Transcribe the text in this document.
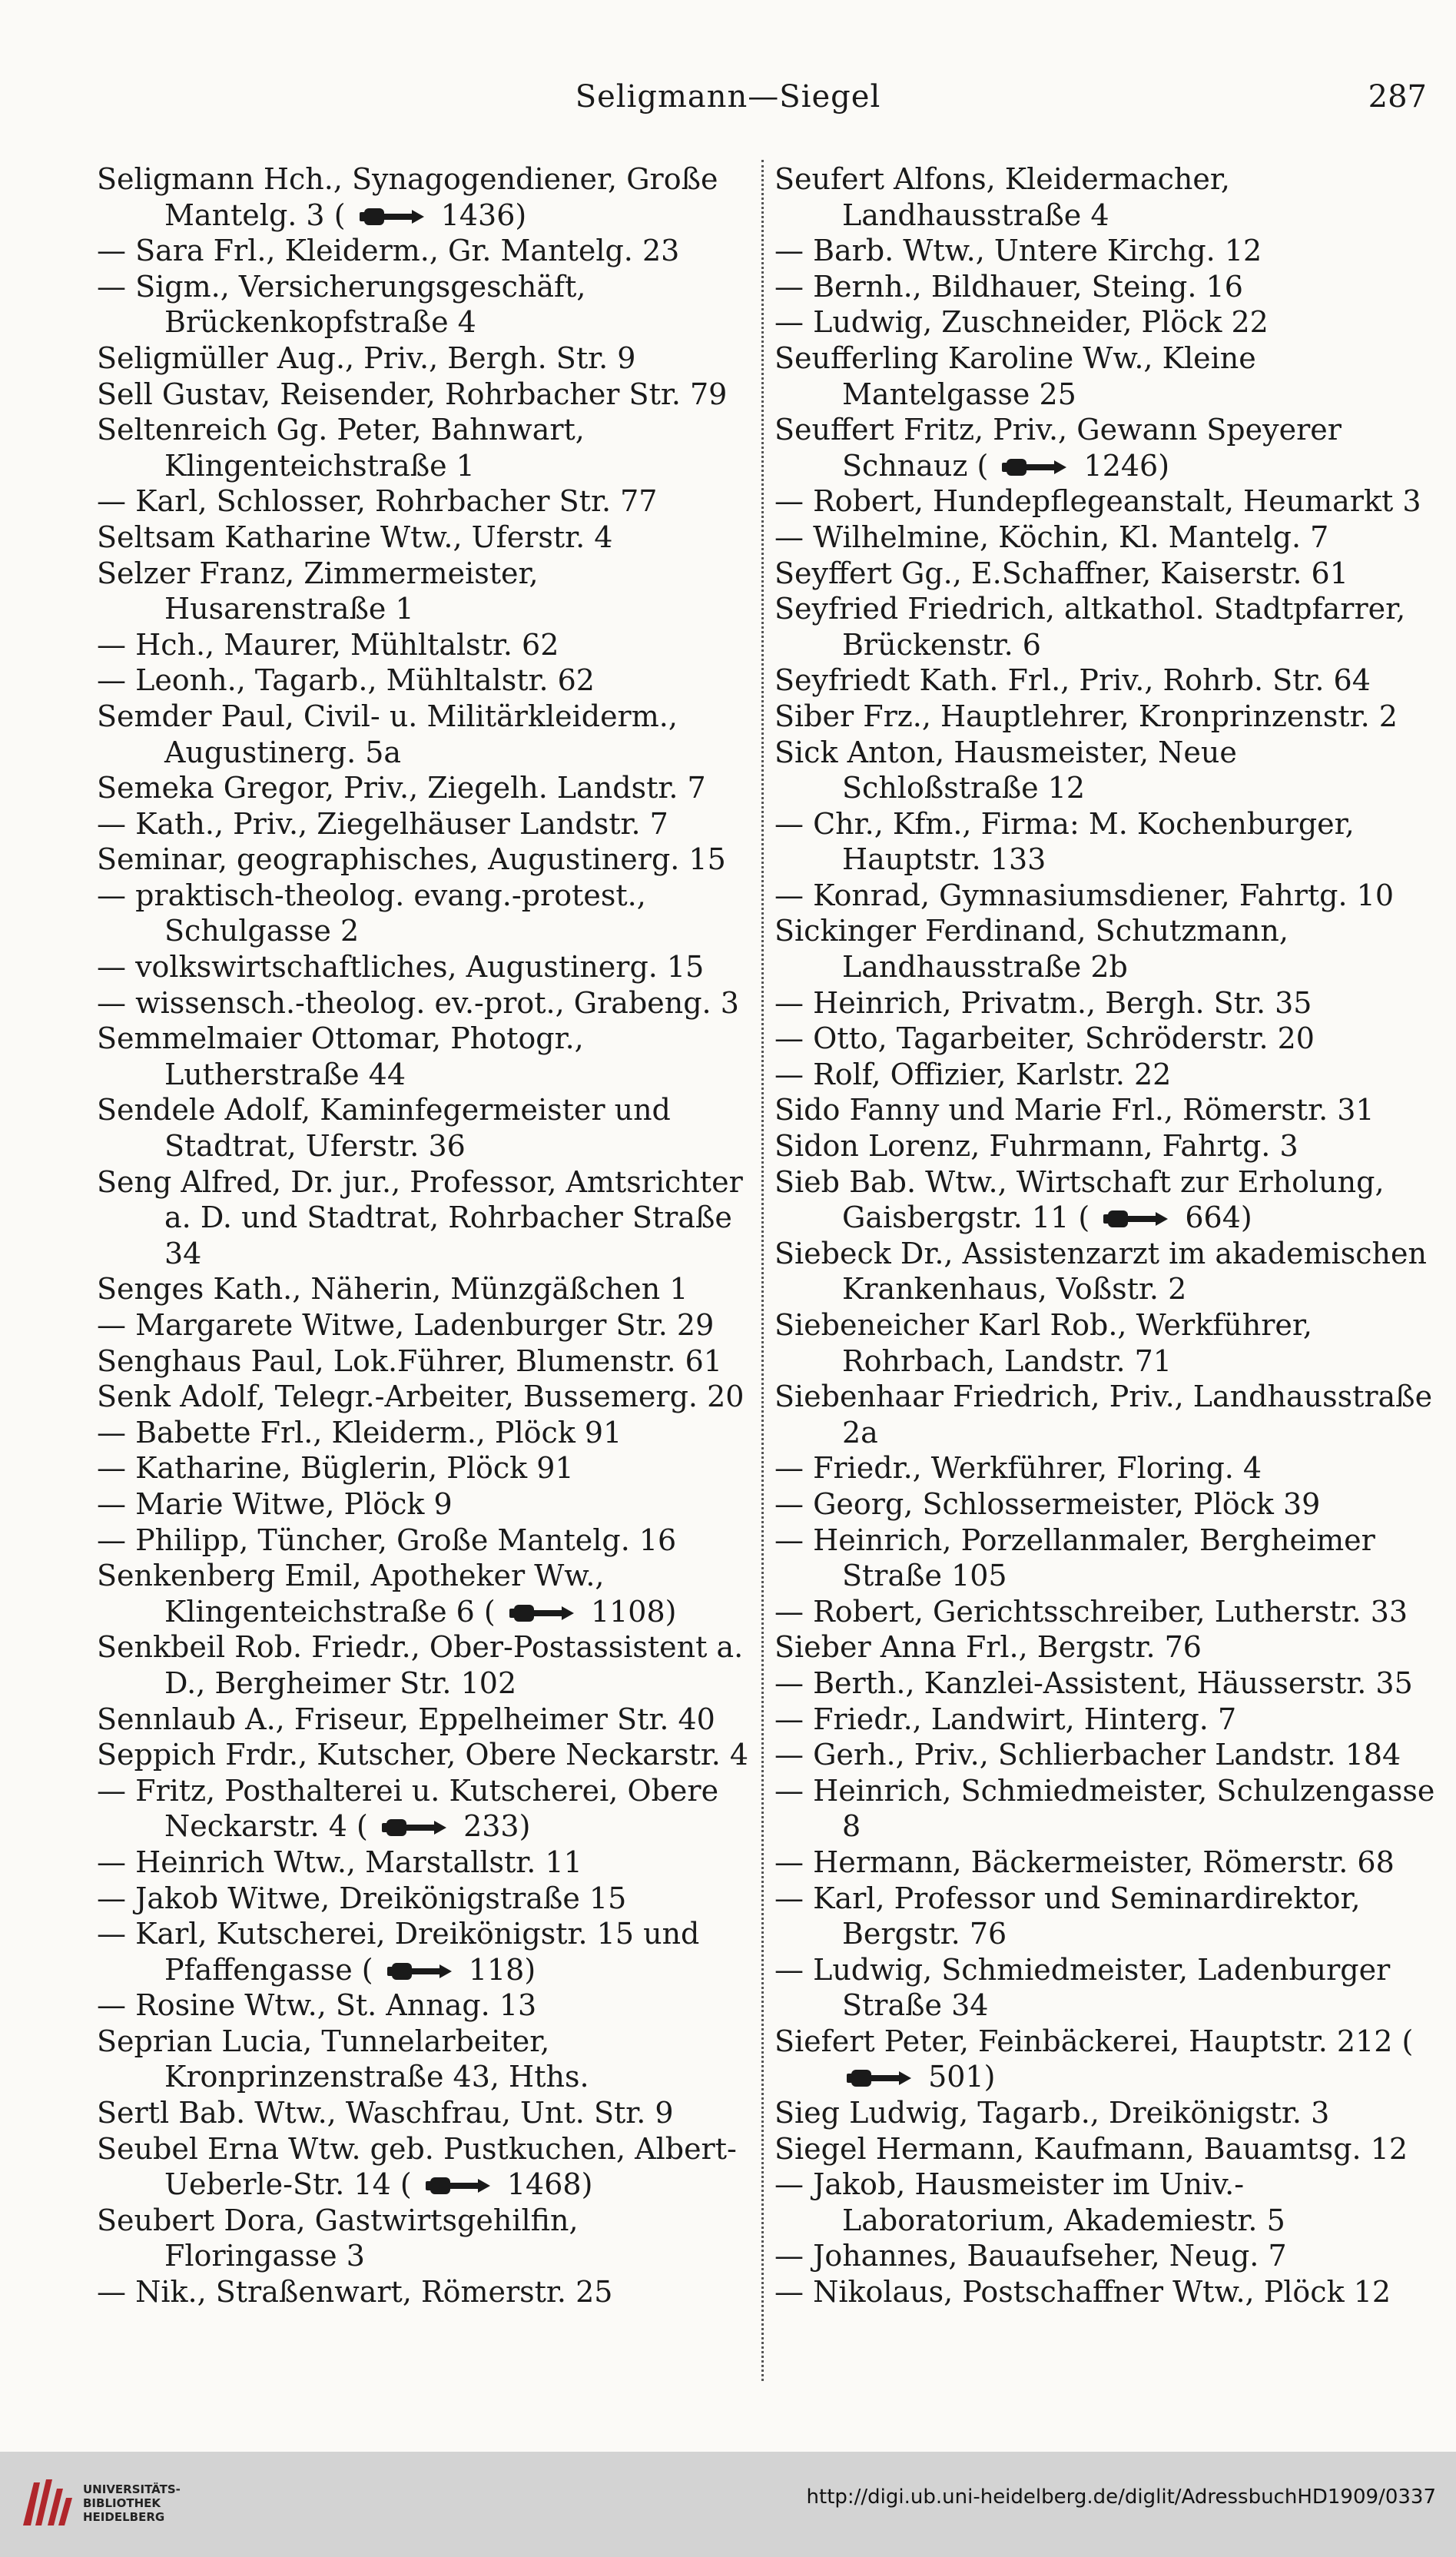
Seligmann—Siegel	287
Seligmann Hch., Synagogendiener, Große Mantelg. 3 (	1436)
— Sara Frl., Kleiderm., Gr. Mantelg. 23
— Sigm., Versicherungsgeschäft, Brückenkopfstraße 4
Seligmüller Aug., Priv., Bergh. Str. 9
Sell Gustav, Reisender, Rohrbacher Str. 79
Seltenreich Gg. Peter, Bahnwart, Klingenteichstraße 1
— Karl, Schlosser, Rohrbacher Str. 77
Seltsam Katharine Wtw., Uferstr. 4
Selzer Franz, Zimmermeister, Husarenstraße 1
— Hch., Maurer, Mühltalstr. 62
— Leonh., Tagarb., Mühltalstr. 62
Semder Paul, Civil- u. Militärkleiderm., Augustinerg. 5a
Semeka Gregor, Priv., Ziegelh. Landstr. 7
— Kath., Priv., Ziegelhäuser Landstr. 7
Seminar, geographisches, Augustinerg. 15
— praktisch-theolog. evang.-protest., Schulgasse 2
— volkswirtschaftliches, Augustinerg. 15
— wissensch.-theolog. ev.-prot., Grabeng. 3
Semmelmaier Ottomar, Photogr., Lutherstraße 44
Sendele Adolf, Kaminfegermeister und Stadtrat, Uferstr. 36
Seng Alfred, Dr. jur., Professor, Amtsrichter a. D. und Stadtrat, Rohrbacher Straße 34
Senges Kath., Näherin, Münzgäßchen 1
— Margarete Witwe, Ladenburger Str. 29
Senghaus Paul, Lok.Führer, Blumenstr. 61
Senk Adolf, Telegr.-Arbeiter, Bussemerg. 20
— Babette Frl., Kleiderm., Plöck 91
— Katharine, Büglerin, Plöck 91
— Marie Witwe, Plöck 9
— Philipp, Tüncher, Große Mantelg. 16
Senkenberg Emil, Apotheker Ww., Klingenteichstraße 6 (	1108)
Senkbeil Rob. Friedr., Ober-Postassistent a. D., Bergheimer Str. 102
Sennlaub A., Friseur, Eppelheimer Str. 40
Seppich Frdr., Kutscher, Obere Neckarstr. 4
— Fritz, Posthalterei u. Kutscherei, Obere Neckarstr. 4 (	233)
— Heinrich Wtw., Marstallstr. 11
— Jakob Witwe, Dreikönigstraße 15
— Karl, Kutscherei, Dreikönigstr. 15 und Pfaffengasse (	118)
— Rosine Wtw., St. Annag. 13
Seprian Lucia, Tunnelarbeiter, Kronprinzenstraße 43, Hths.
Sertl Bab. Wtw., Waschfrau, Unt. Str. 9
Seubel Erna Wtw. geb. Pustkuchen, Albert-Ueberle-Str. 14 (	1468)
Seubert Dora, Gastwirtsgehilfin, Floringasse 3
— Nik., Straßenwart, Römerstr. 25
Seufert Alfons, Kleidermacher, Landhausstraße 4
— Barb. Wtw., Untere Kirchg. 12
— Bernh., Bildhauer, Steing. 16
— Ludwig, Zuschneider, Plöck 22
Seufferling Karoline Ww., Kleine Mantelgasse 25
Seuffert Fritz, Priv., Gewann Speyerer Schnauz (	1246)
— Robert, Hundepflegeanstalt, Heumarkt 3
— Wilhelmine, Köchin, Kl. Mantelg. 7
Seyffert Gg., E.Schaffner, Kaiserstr. 61
Seyfried Friedrich, altkathol. Stadtpfarrer, Brückenstr. 6
Seyfriedt Kath. Frl., Priv., Rohrb. Str. 64
Siber Frz., Hauptlehrer, Kronprinzenstr. 2
Sick Anton, Hausmeister, Neue Schloßstraße 12
— Chr., Kfm., Firma: M. Kochenburger, Hauptstr. 133
— Konrad, Gymnasiumsdiener, Fahrtg. 10
Sickinger Ferdinand, Schutzmann, Landhausstraße 2b
— Heinrich, Privatm., Bergh. Str. 35
— Otto, Tagarbeiter, Schröderstr. 20
— Rolf, Offizier, Karlstr. 22
Sido Fanny und Marie Frl., Römerstr. 31
Sidon Lorenz, Fuhrmann, Fahrtg. 3
Sieb Bab. Wtw., Wirtschaft zur Erholung, Gaisbergstr. 11 (	664)
Siebeck Dr., Assistenzarzt im akademischen Krankenhaus, Voßstr. 2
Siebeneicher Karl Rob., Werkführer, Rohrbach, Landstr. 71
Siebenhaar Friedrich, Priv., Landhausstraße 2a
— Friedr., Werkführer, Floring. 4
— Georg, Schlossermeister, Plöck 39
— Heinrich, Porzellanmaler, Bergheimer Straße 105
— Robert, Gerichtsschreiber, Lutherstr. 33
Sieber Anna Frl., Bergstr. 76
— Berth., Kanzlei-Assistent, Häusserstr. 35
— Friedr., Landwirt, Hinterg. 7
— Gerh., Priv., Schlierbacher Landstr. 184
— Heinrich, Schmiedmeister, Schulzengasse 8
— Hermann, Bäckermeister, Römerstr. 68
— Karl, Professor und Seminardirektor, Bergstr. 76
— Ludwig, Schmiedmeister, Ladenburger Straße 34
Siefert Peter, Feinbäckerei, Hauptstr. 212 (
501)
Sieg Ludwig, Tagarb., Dreikönigstr. 3
Siegel Hermann, Kaufmann, Bauamtsg. 12
— Jakob, Hausmeister im Univ.-Laboratorium, Akademiestr. 5
— Johannes, Bauaufseher, Neug. 7
— Nikolaus, Postschaffner Wtw., Plöck 12
UNIVERSITÄTS-
BIBLIOTHEK
HEIDELBERG
http://digi.ub.uni-heidelberg.de/diglit/AdressbuchHD1909/0337
